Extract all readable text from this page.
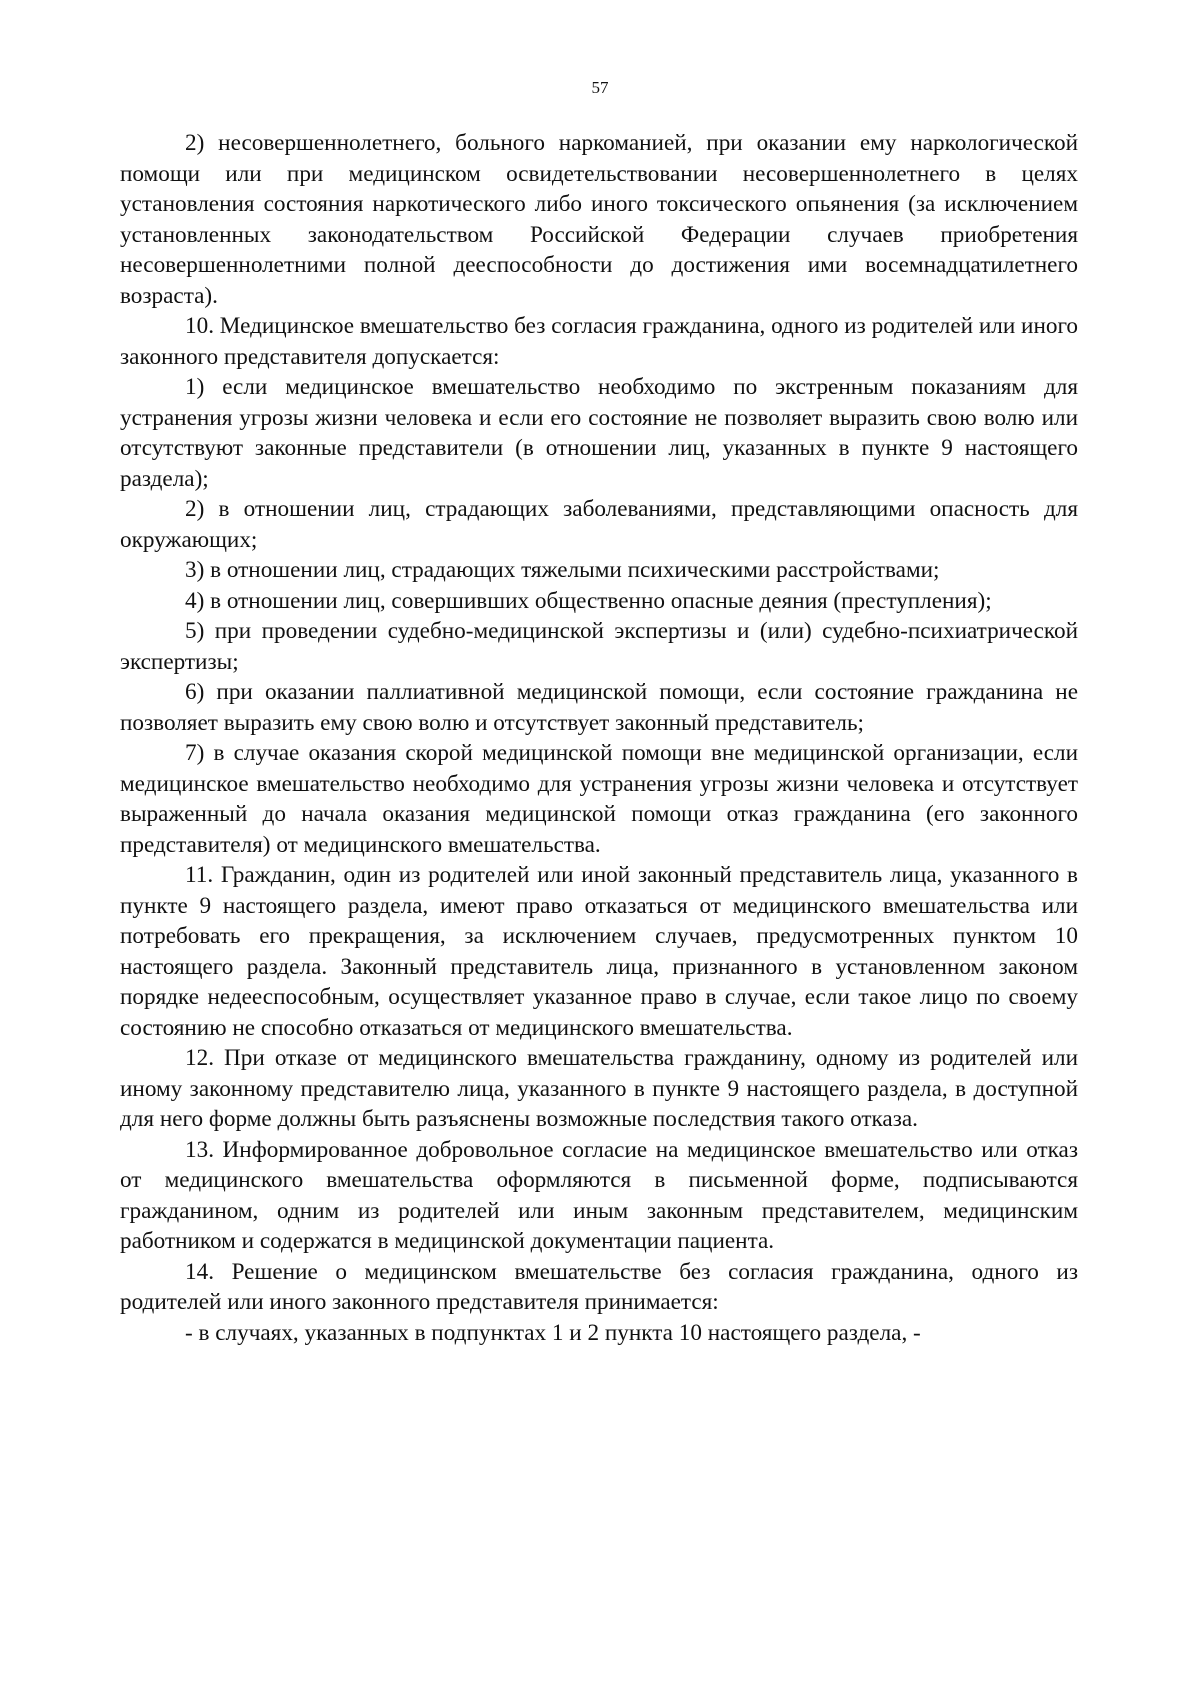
57

2) несовершеннолетнего, больного наркоманией, при оказании ему наркологической помощи или при медицинском освидетельствовании несовершеннолетнего в целях установления состояния наркотического либо иного токсического опьянения (за исключением установленных законодательством Российской Федерации случаев приобретения несовершеннолетними полной дееспособности до достижения ими восемнадцатилетнего возраста).

10. Медицинское вмешательство без согласия гражданина, одного из родителей или иного законного представителя допускается:

1) если медицинское вмешательство необходимо по экстренным показаниям для устранения угрозы жизни человека и если его состояние не позволяет выразить свою волю или отсутствуют законные представители (в отношении лиц, указанных в пункте 9 настоящего раздела);

2) в отношении лиц, страдающих заболеваниями, представляющими опасность для окружающих;

3) в отношении лиц, страдающих тяжелыми психическими расстройствами;

4) в отношении лиц, совершивших общественно опасные деяния (преступления);

5) при проведении судебно-медицинской экспертизы и (или) судебно-психиатрической экспертизы;

6) при оказании паллиативной медицинской помощи, если состояние гражданина не позволяет выразить ему свою волю и отсутствует законный представитель;

7) в случае оказания скорой медицинской помощи вне медицинской организации, если медицинское вмешательство необходимо для устранения угрозы жизни человека и отсутствует выраженный до начала оказания медицинской помощи отказ гражданина (его законного представителя) от медицинского вмешательства.

11. Гражданин, один из родителей или иной законный представитель лица, указанного в пункте 9 настоящего раздела, имеют право отказаться от медицинского вмешательства или потребовать его прекращения, за исключением случаев, предусмотренных пунктом 10 настоящего раздела. Законный представитель лица, признанного в установленном законом порядке недееспособным, осуществляет указанное право в случае, если такое лицо по своему состоянию не способно отказаться от медицинского вмешательства.

12. При отказе от медицинского вмешательства гражданину, одному из родителей или иному законному представителю лица, указанного в пункте 9 настоящего раздела, в доступной для него форме должны быть разъяснены возможные последствия такого отказа.

13. Информированное добровольное согласие на медицинское вмешательство или отказ от медицинского вмешательства оформляются в письменной форме, подписываются гражданином, одним из родителей или иным законным представителем, медицинским работником и содержатся в медицинской документации пациента.

14. Решение о медицинском вмешательстве без согласия гражданина, одного из родителей или иного законного представителя принимается:

- в случаях, указанных в подпунктах 1 и 2 пункта 10 настоящего раздела, -
